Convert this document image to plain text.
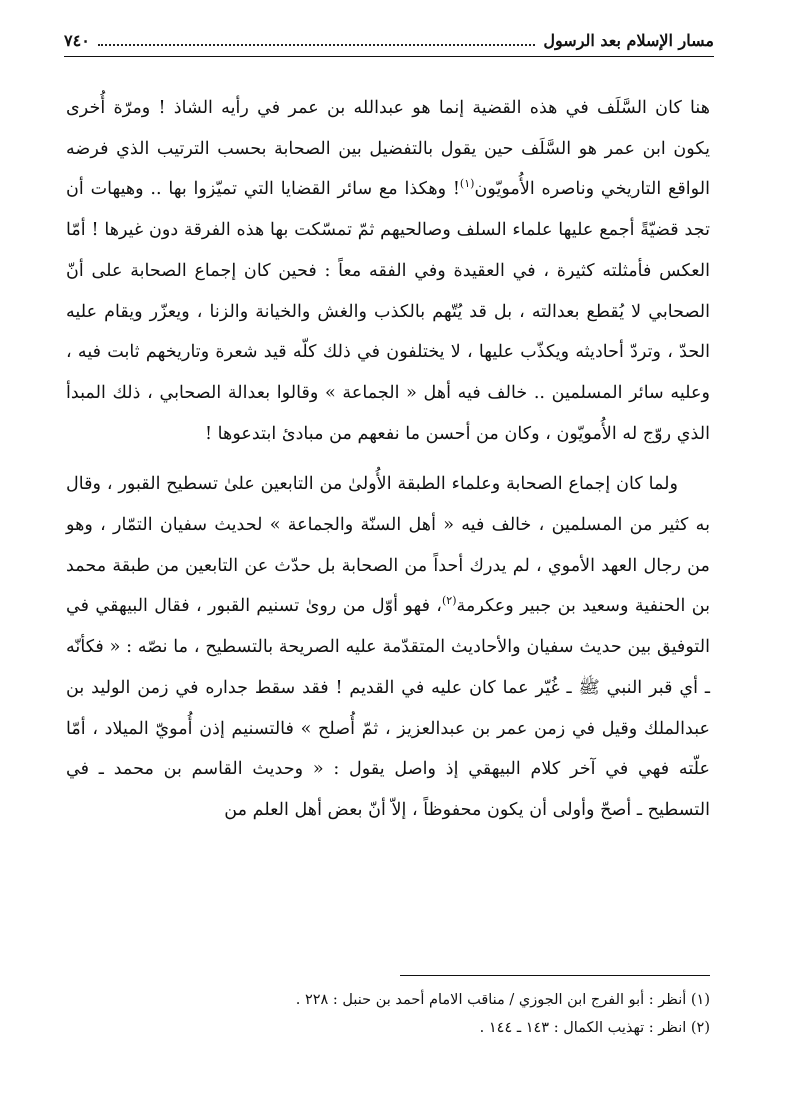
مسار الإسلام بعد الرسول
٧٤٠

هنا كان السَّلَف في هذه القضية إنما هو عبدالله بن عمر في رأيه الشاذ ! ومرّة أُخرى يكون ابن عمر هو السَّلَف حين يقول بالتفضيل بين الصحابة بحسب الترتيب الذي فرضه الواقع التاريخي وناصره الأُمويّون$^{(١)}$! وهكذا مع سائر القضايا التي تميّزوا بها .. وهيهات أن تجد قضيّةً أجمع عليها علماء السلف وصالحيهم ثمّ تمسّكت بها هذه الفرقة دون غيرها ! أمّا العكس فأمثلته كثيرة ، في العقيدة وفي الفقه معاً : فحين كان إجماع الصحابة على أنّ الصحابي لا يُقطع بعدالته ، بل قد يُتّهم بالكذب والغش والخيانة والزنا ، ويعزّر ويقام عليه الحدّ ، وتردّ أحاديثه ويكذّب عليها ، لا يختلفون في ذلك كلّه قيد شعرة وتاريخهم ثابت فيه ، وعليه سائر المسلمين .. خالف فيه أهل « الجماعة » وقالوا بعدالة الصحابي ، ذلك المبدأ الذي روّج له الأُمويّون ، وكان من أحسن ما نفعهم من مبادئ ابتدعوها !

ولما كان إجماع الصحابة وعلماء الطبقة الأُولىٰ من التابعين علىٰ تسطيح القبور ، وقال به كثير من المسلمين ، خالف فيه « أهل السنّة والجماعة » لحديث سفيان التمّار ، وهو من رجال العهد الأموي ، لم يدرك أحداً من الصحابة بل حدّث عن التابعين من طبقة محمد بن الحنفية وسعيد بن جبير وعكرمة$^{(٢)}$، فهو أوّل من روىٰ تسنيم القبور ، فقال البيهقي في التوفيق بين حديث سفيان والأحاديث المتقدّمة عليه الصريحة بالتسطيح ، ما نصّه : « فكأنّه ـ أي قبر النبي ﷺ ـ غُيّر عما كان عليه في القديم ! فقد سقط جداره في زمن الوليد بن عبدالملك وقيل في زمن عمر بن عبدالعزيز ، ثمّ أُصلح » فالتسنيم إذن أُمويّ الميلاد ، أمّا علّته فهي في آخر كلام البيهقي إذ واصل يقول : « وحديث القاسم بن محمد ـ في التسطيح ـ أصحّ وأولى أن يكون محفوظاً ، إلاّ أنّ بعض أهل العلم من

(١) أنظر : أبو الفرج ابن الجوزي / مناقب الامام أحمد بن حنبل : ٢٢٨ .
(٢) انظر : تهذيب الكمال : ١٤٣ ـ ١٤٤ .
